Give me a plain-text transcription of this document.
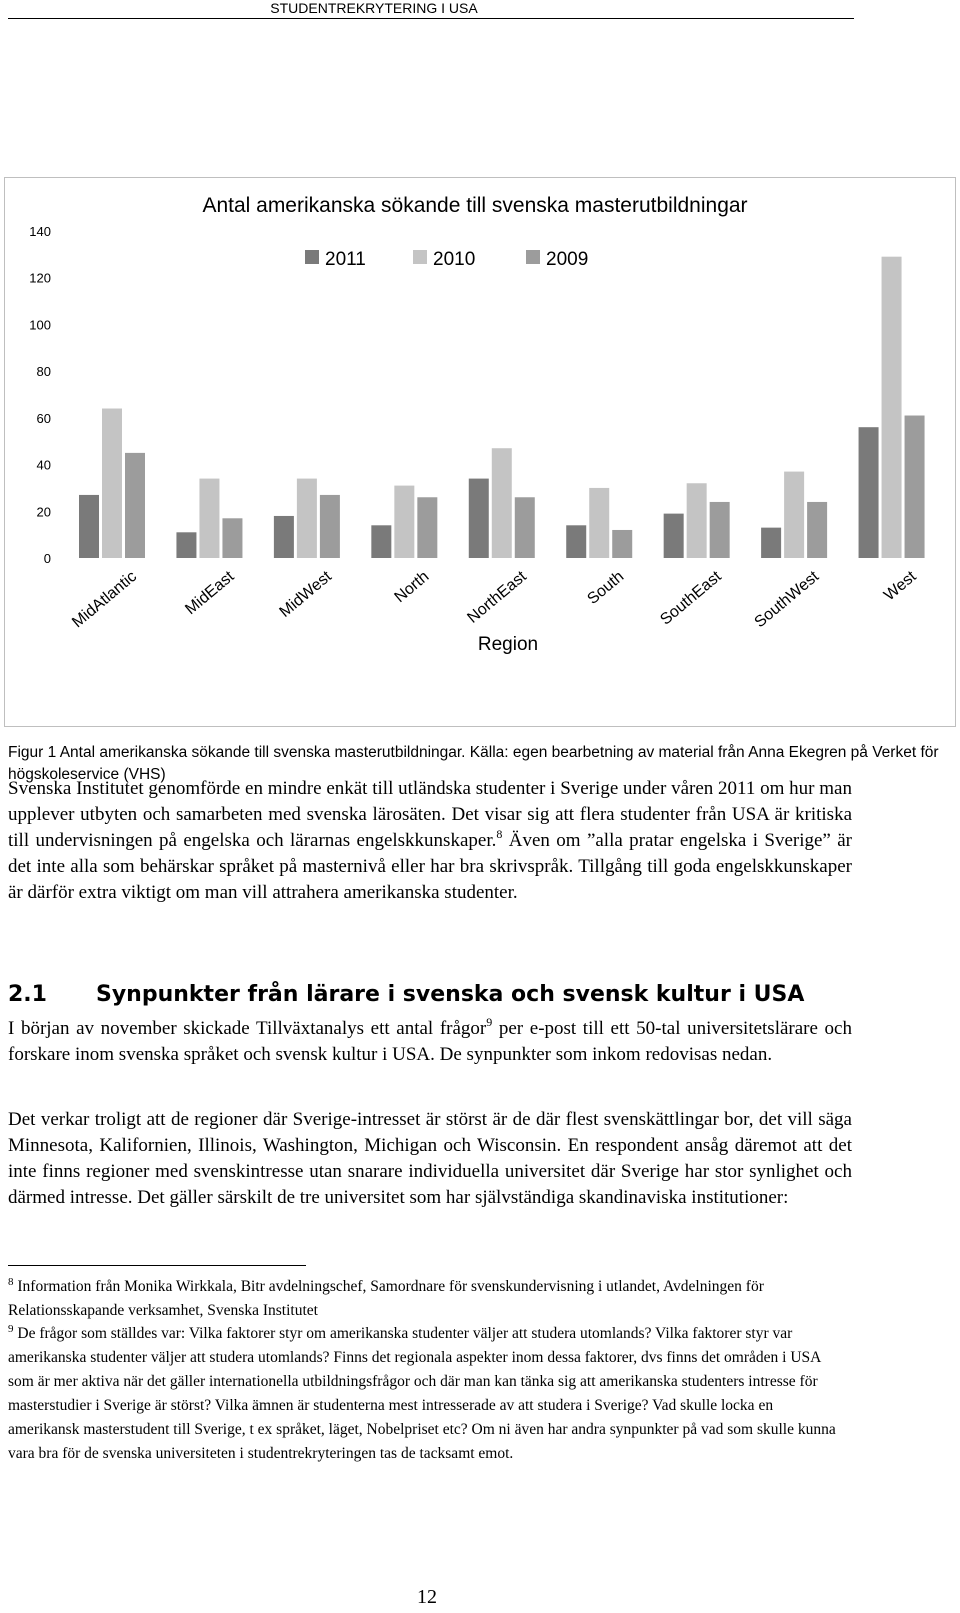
STUDENTREKRYTERING I USA
Antal amerikanska sökande till svenska masterutbildningar
0
20
40
60
80
100
120
140
2011	2010	2009
MidAtlantic	MidEast MidWest	North NorthEast	South SouthEast SouthWest	West
Region
Figur 1 Antal amerikanska sökande till svenska masterutbildningar. Källa: egen bearbetning av material från Anna Ekegren på Verket för högskoleservice (VHS)

Svenska Institutet genomförde en mindre enkät till utländska studenter i Sverige under våren 2011 om hur man upplever utbyten och samarbeten med svenska lärosäten. Det visar sig att flera studenter från USA är kritiska till undervisningen på engelska och lärarnas engelskkunskaper.$^8$ Även om ”alla pratar engelska i Sverige” är det inte alla som behärskar språket på masternivå eller har bra skrivspråk. Tillgång till goda engelskkunskaper är därför extra viktigt om man vill attrahera amerikanska studenter.

2.1 Synpunkter från lärare i svenska och svensk kultur i USA

I början av november skickade Tillväxtanalys ett antal frågor$^9$ per e-post till ett 50-tal universitetslärare och forskare inom svenska språket och svensk kultur i USA. De synpunkter som inkom redovisas nedan.

Det verkar troligt att de regioner där Sverige-intresset är störst är de där flest svenskättlingar bor, det vill säga Minnesota, Kalifornien, Illinois, Washington, Michigan och Wisconsin. En respondent ansåg däremot att det inte finns regioner med svenskintresse utan snarare individuella universitet där Sverige har stor synlighet och därmed intresse. Det gäller särskilt de tre universitet som har självständiga skandinaviska institutioner:

$^8$ Information från Monika Wirkkala, Bitr avdelningschef, Samordnare för svenskundervisning i utlandet, Avdelningen för Relationsskapande verksamhet, Svenska Institutet
$^9$ De frågor som ställdes var: Vilka faktorer styr om amerikanska studenter väljer att studera utomlands? Vilka faktorer styr var amerikanska studenter väljer att studera utomlands? Finns det regionala aspekter inom dessa faktorer, dvs finns det områden i USA som är mer aktiva när det gäller internationella utbildningsfrågor och där man kan tänka sig att amerikanska studenters intresse för masterstudier i Sverige är störst? Vilka ämnen är studenterna mest intresserade av att studera i Sverige? Vad skulle locka en amerikansk masterstudent till Sverige, t ex språket, läget, Nobelpriset etc? Om ni även har andra synpunkter på vad som skulle kunna vara bra för de svenska universiteten i studentrekryteringen tas de tacksamt emot.
12
